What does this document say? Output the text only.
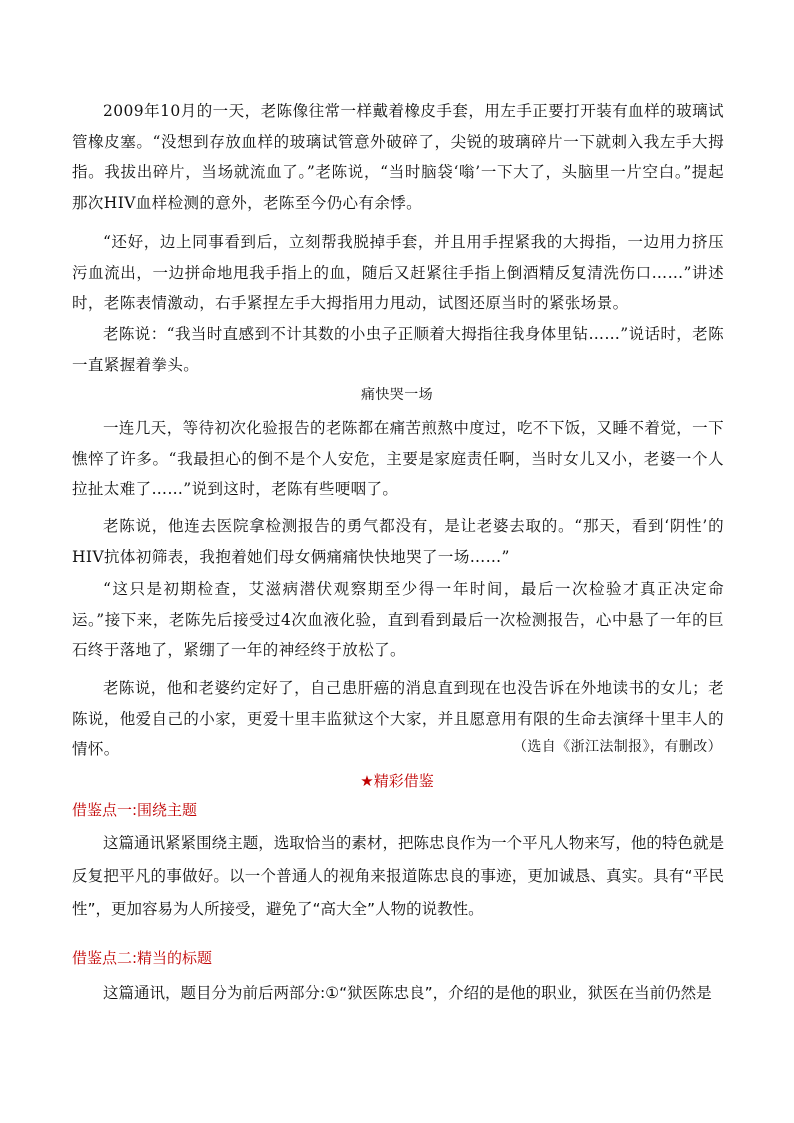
2009年10月的一天，老陈像往常一样戴着橡皮手套，用左手正要打开装有血样的玻璃试管橡皮塞。“没想到存放血样的玻璃试管意外破碎了，尖锐的玻璃碎片一下就刺入我左手大拇指。我拔出碎片，当场就流血了。”老陈说，“当时脑袋‘嗡’一下大了，头脑里一片空白。”提起那次HIV血样检测的意外，老陈至今仍心有余悸。

“还好，边上同事看到后，立刻帮我脱掉手套，并且用手捏紧我的大拇指，一边用力挤压污血流出，一边拼命地甩我手指上的血，随后又赶紧往手指上倒酒精反复清洗伤口……”讲述时，老陈表情激动，右手紧捏左手大拇指用力甩动，试图还原当时的紧张场景。

老陈说：“我当时直感到不计其数的小虫子正顺着大拇指往我身体里钻……”说话时，老陈一直紧握着拳头。

痛快哭一场

一连几天，等待初次化验报告的老陈都在痛苦煎熬中度过，吃不下饭，又睡不着觉，一下憔悴了许多。“我最担心的倒不是个人安危，主要是家庭责任啊，当时女儿又小，老婆一个人拉扯太难了……”说到这时，老陈有些哽咽了。

老陈说，他连去医院拿检测报告的勇气都没有，是让老婆去取的。“那天，看到‘阴性’的HIV抗体初筛表，我抱着她们母女俩痛痛快快地哭了一场……”

“这只是初期检查，艾滋病潜伏观察期至少得一年时间，最后一次检验才真正决定命运。”接下来，老陈先后接受过4次血液化验，直到看到最后一次检测报告，心中悬了一年的巨石终于落地了，紧绷了一年的神经终于放松了。

老陈说，他和老婆约定好了，自己患肝癌的消息直到现在也没告诉在外地读书的女儿；老陈说，他爱自己的小家，更爱十里丰监狱这个大家，并且愿意用有限的生命去演绎十里丰人的情怀。	（选自《浙江法制报》，有删改）

★精彩借鉴

借鉴点一:围绕主题

这篇通讯紧紧围绕主题，选取恰当的素材，把陈忠良作为一个平凡人物来写，他的特色就是反复把平凡的事做好。以一个普通人的视角来报道陈忠良的事迹，更加诚恳、真实。具有“平民性”，更加容易为人所接受，避免了“高大全”人物的说教性。

借鉴点二:精当的标题

这篇通讯，题目分为前后两部分:①“狱医陈忠良”，介绍的是他的职业，狱医在当前仍然是
